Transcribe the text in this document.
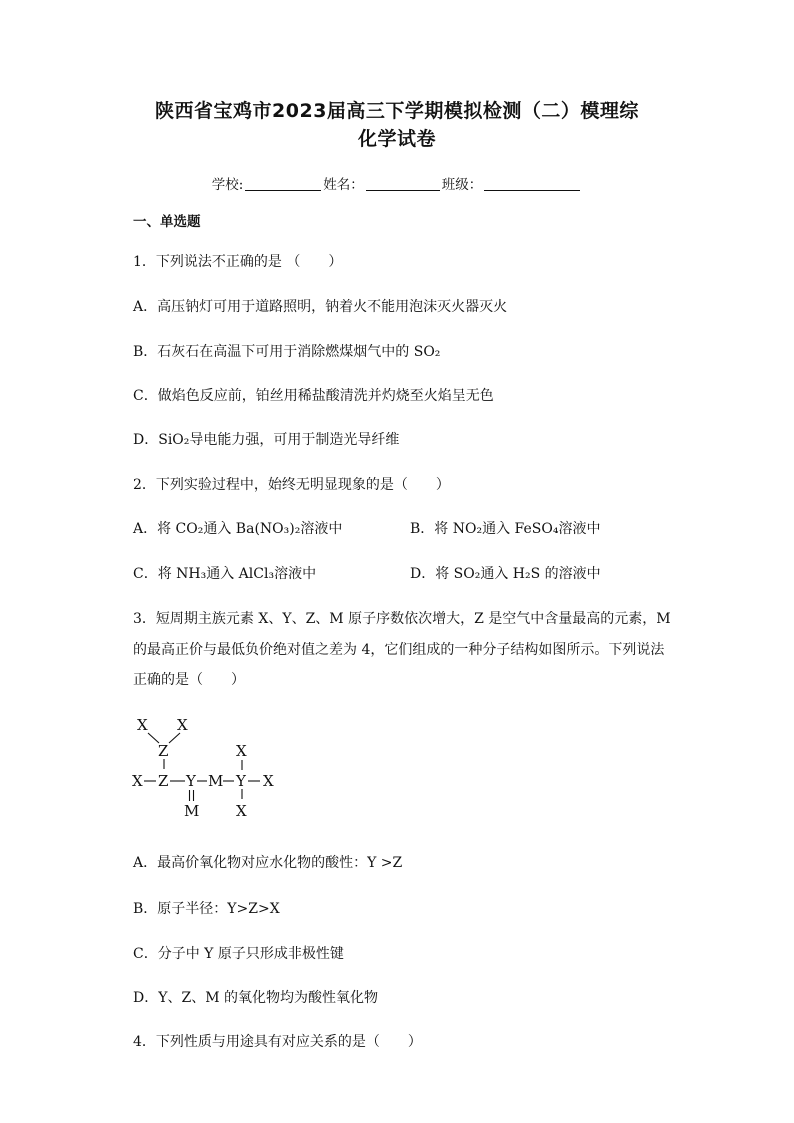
陕西省宝鸡市2023届高三下学期模拟检测（二）模理综
化学试卷
学校:	姓名：	班级：
一、单选题
1．下列说法不正确的是 （　　）
A．高压钠灯可用于道路照明，钠着火不能用泡沫灭火器灭火
B．石灰石在高温下可用于消除燃煤烟气中的 SO₂
C．做焰色反应前，铂丝用稀盐酸清洗并灼烧至火焰呈无色
D．SiO₂导电能力强，可用于制造光导纤维
2．下列实验过程中，始终无明显现象的是（　　）
A．将 CO₂通入 Ba(NO₃)₂溶液中	B．将 NO₂通入 FeSO₄溶液中
C．将 NH₃通入 AlCl₃溶液中	D．将 SO₂通入 H₂S 的溶液中
3．短周期主族元素 X、Y、Z、M 原子序数依次增大，Z 是空气中含量最高的元素，M
的最高正价与最低负价绝对值之差为 4，它们组成的一种分子结构如图所示。下列说法
正确的是（　　）
X X
Z
X Z Y M Y X
X
X
M
A．最高价氧化物对应水化物的酸性：Y >Z
B．原子半径：Y>Z>X
C．分子中 Y 原子只形成非极性键
D．Y、Z、M 的氧化物均为酸性氧化物
4．下列性质与用途具有对应关系的是（　　）
